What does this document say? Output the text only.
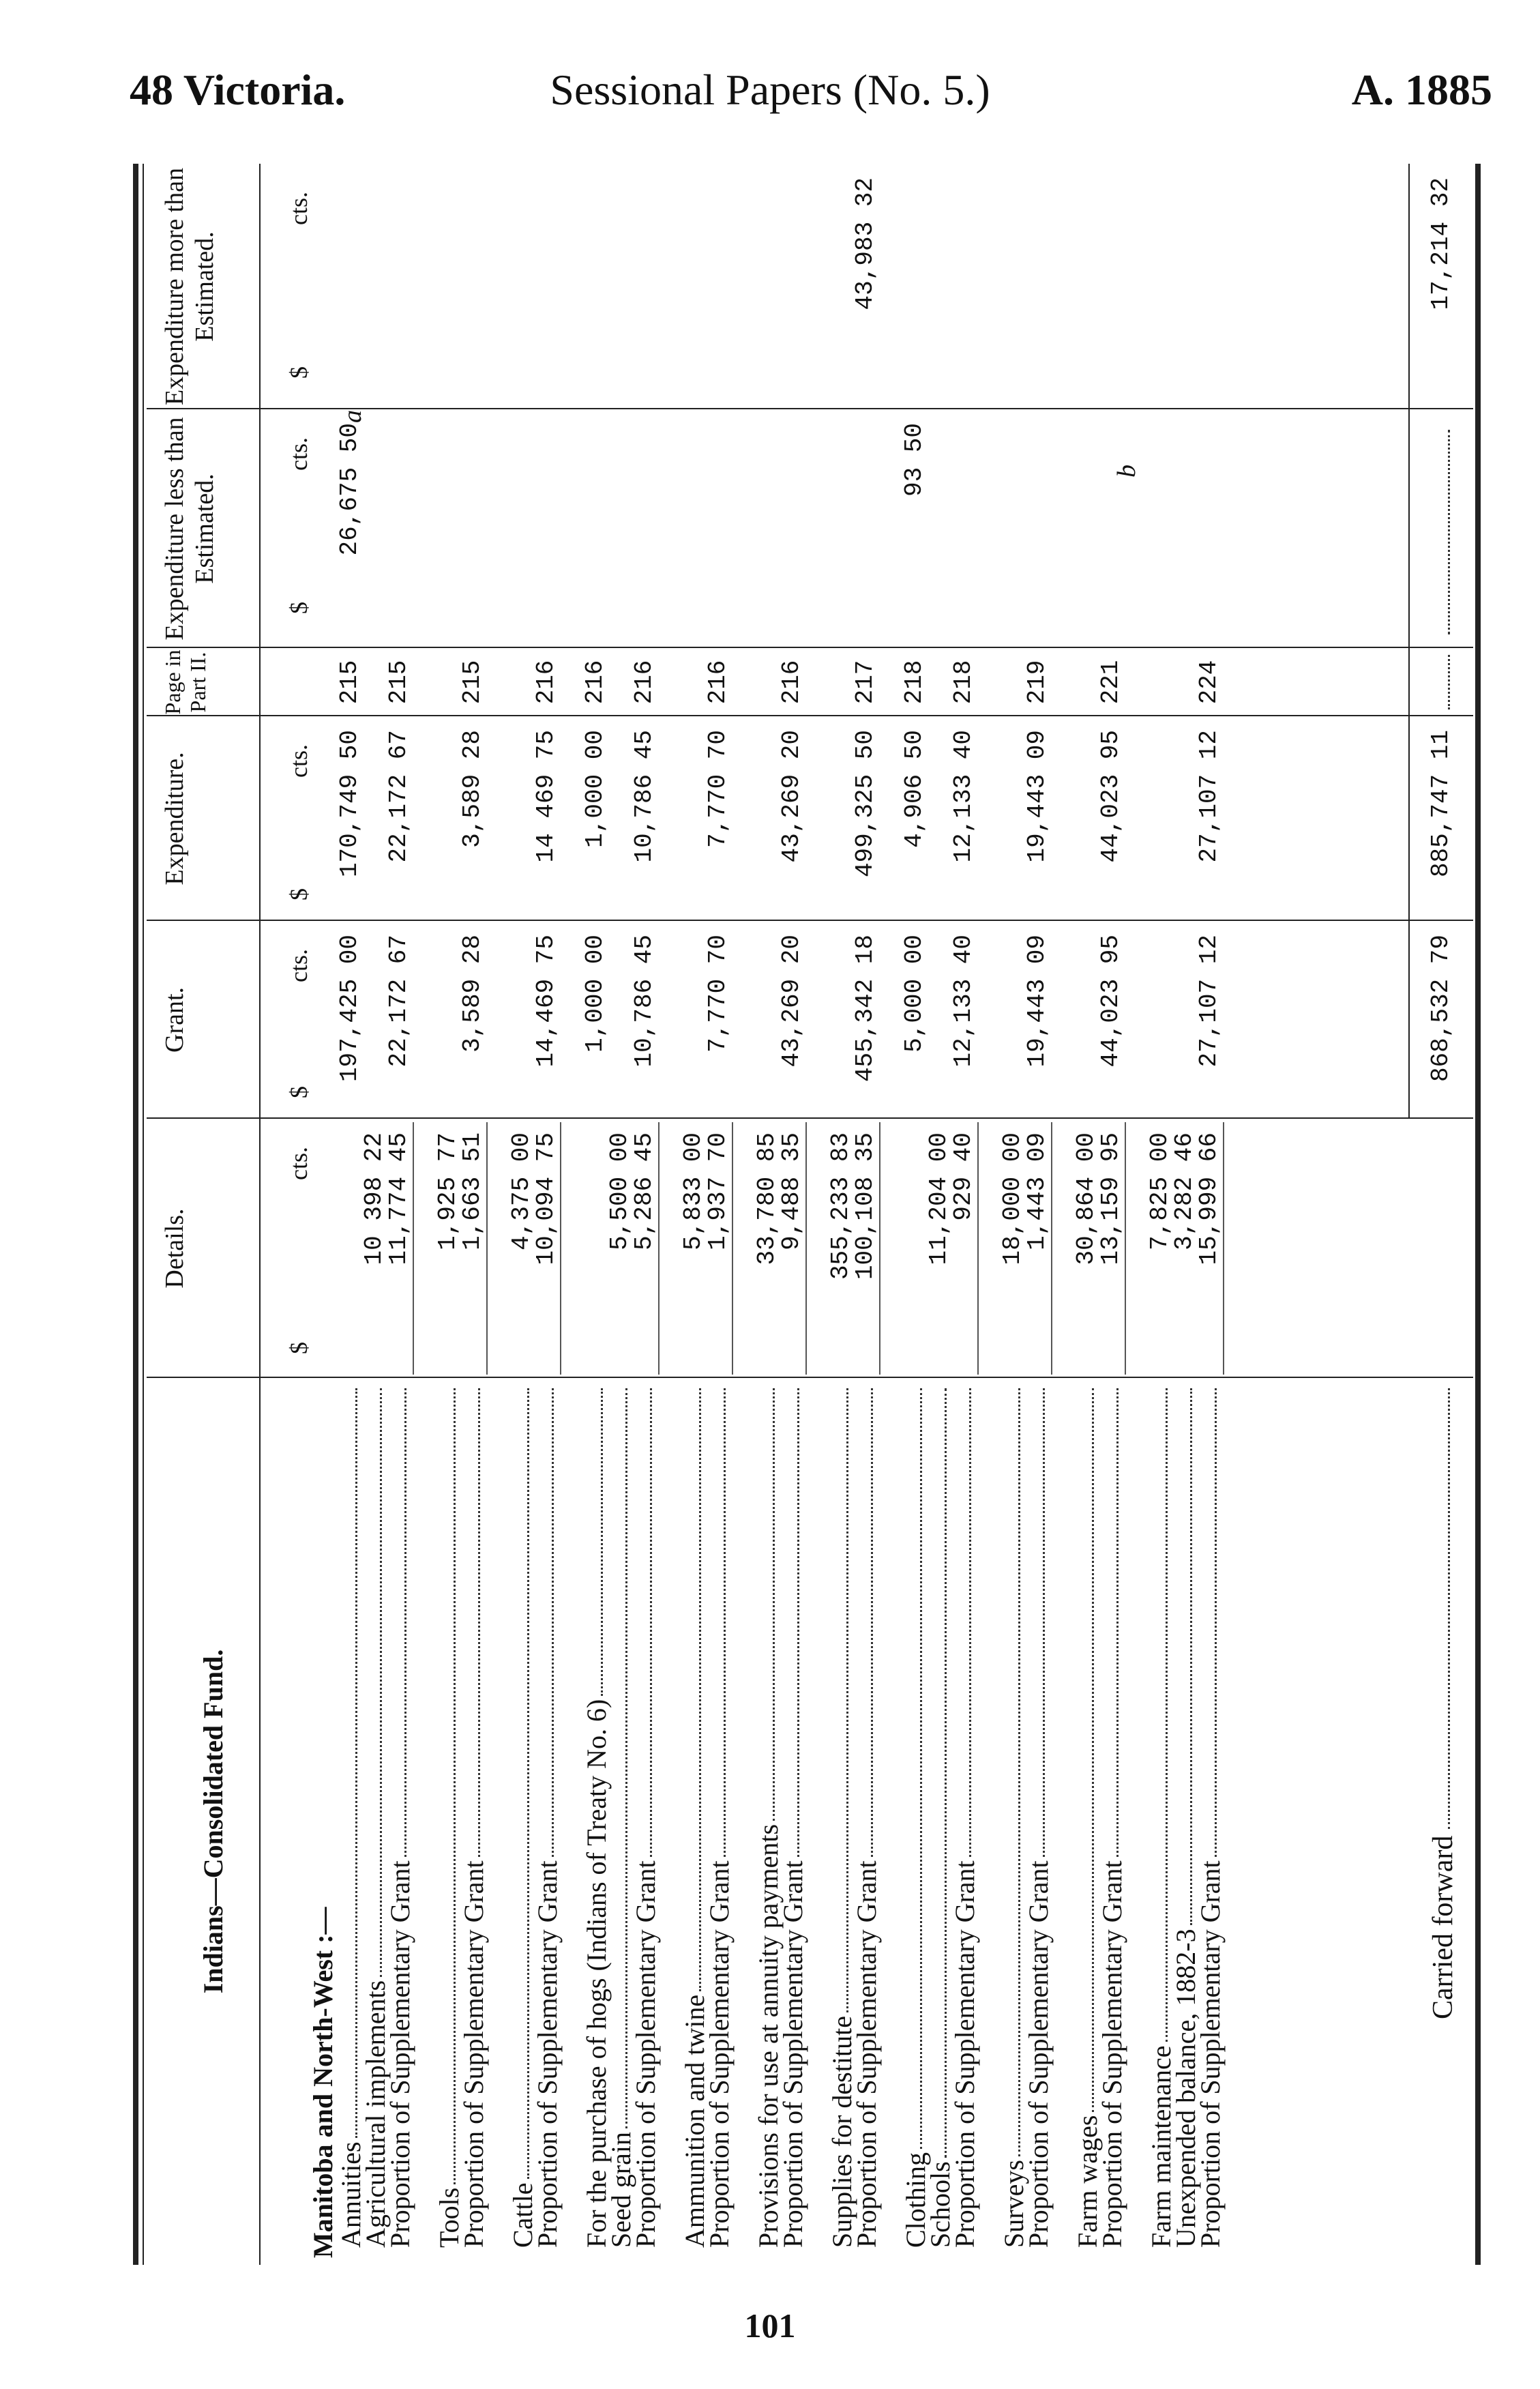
48 Victoria.	Sessional Papers (No. 5.)	A. 1885
Indians—Consolidated Fund.
Details.
Grant.
Expenditure.
Page in Part II.
Expenditure less than Estimated.
Expenditure more than Estimated.
$
cts.
$
cts.
$
cts.
$
cts.
$
cts.
Manitoba and North-West :—
Annuities
197,425 00
170,749 50
26,675 50
215
Agricultural implements
10 398 22
Proportion of Supplementary Grant
11,774 45
22,172 67
22,172 67
215
Tools
1,925 77
Proportion of Supplementary Grant
1,663 51
3,589 28
3,589 28
215
Cattle
4,375 00
Proportion of Supplementary Grant
10,094 75
14,469 75
14 469 75
216
For the purchase of hogs (Indians of Treaty No. 6)
1,000 00
1,000 00
216
Seed grain
5,500 00
Proportion of Supplementary Grant
5,286 45
10,786 45
10,786 45
216
Ammunition and twine
5,833 00
Proportion of Supplementary Grant
1,937 70
7,770 70
7,770 70
216
Provisions for use at annuity payments
33,780 85
Proportion of Supplementary Grant
9,488 35
43,269 20
43,269 20
216
Supplies for destitute
355,233 83
Proportion of Supplementary Grant
100,108 35
455,342 18
499,325 50
43,983 32
217
Clothing
5,000 00
4,906 50
93 50
218
Schools
11,204 00
Proportion of Supplementary Grant
929 40
12,133 40
12,133 40
218
Surveys
18,000 00
Proportion of Supplementary Grant
1,443 09
19,443 09
19,443 09
219
Farm wages
30,864 00
Proportion of Supplementary Grant
13,159 95
44,023 95
44,023 95
221
Farm maintenance
7,825 00
Unexpended balance, 1882-3
3,282 46
Proportion of Supplementary Grant
15,999 66
27,107 12
27,107 12
224
a
b
Carried forward
868,532 79
885,747 11
17,214 32
101
